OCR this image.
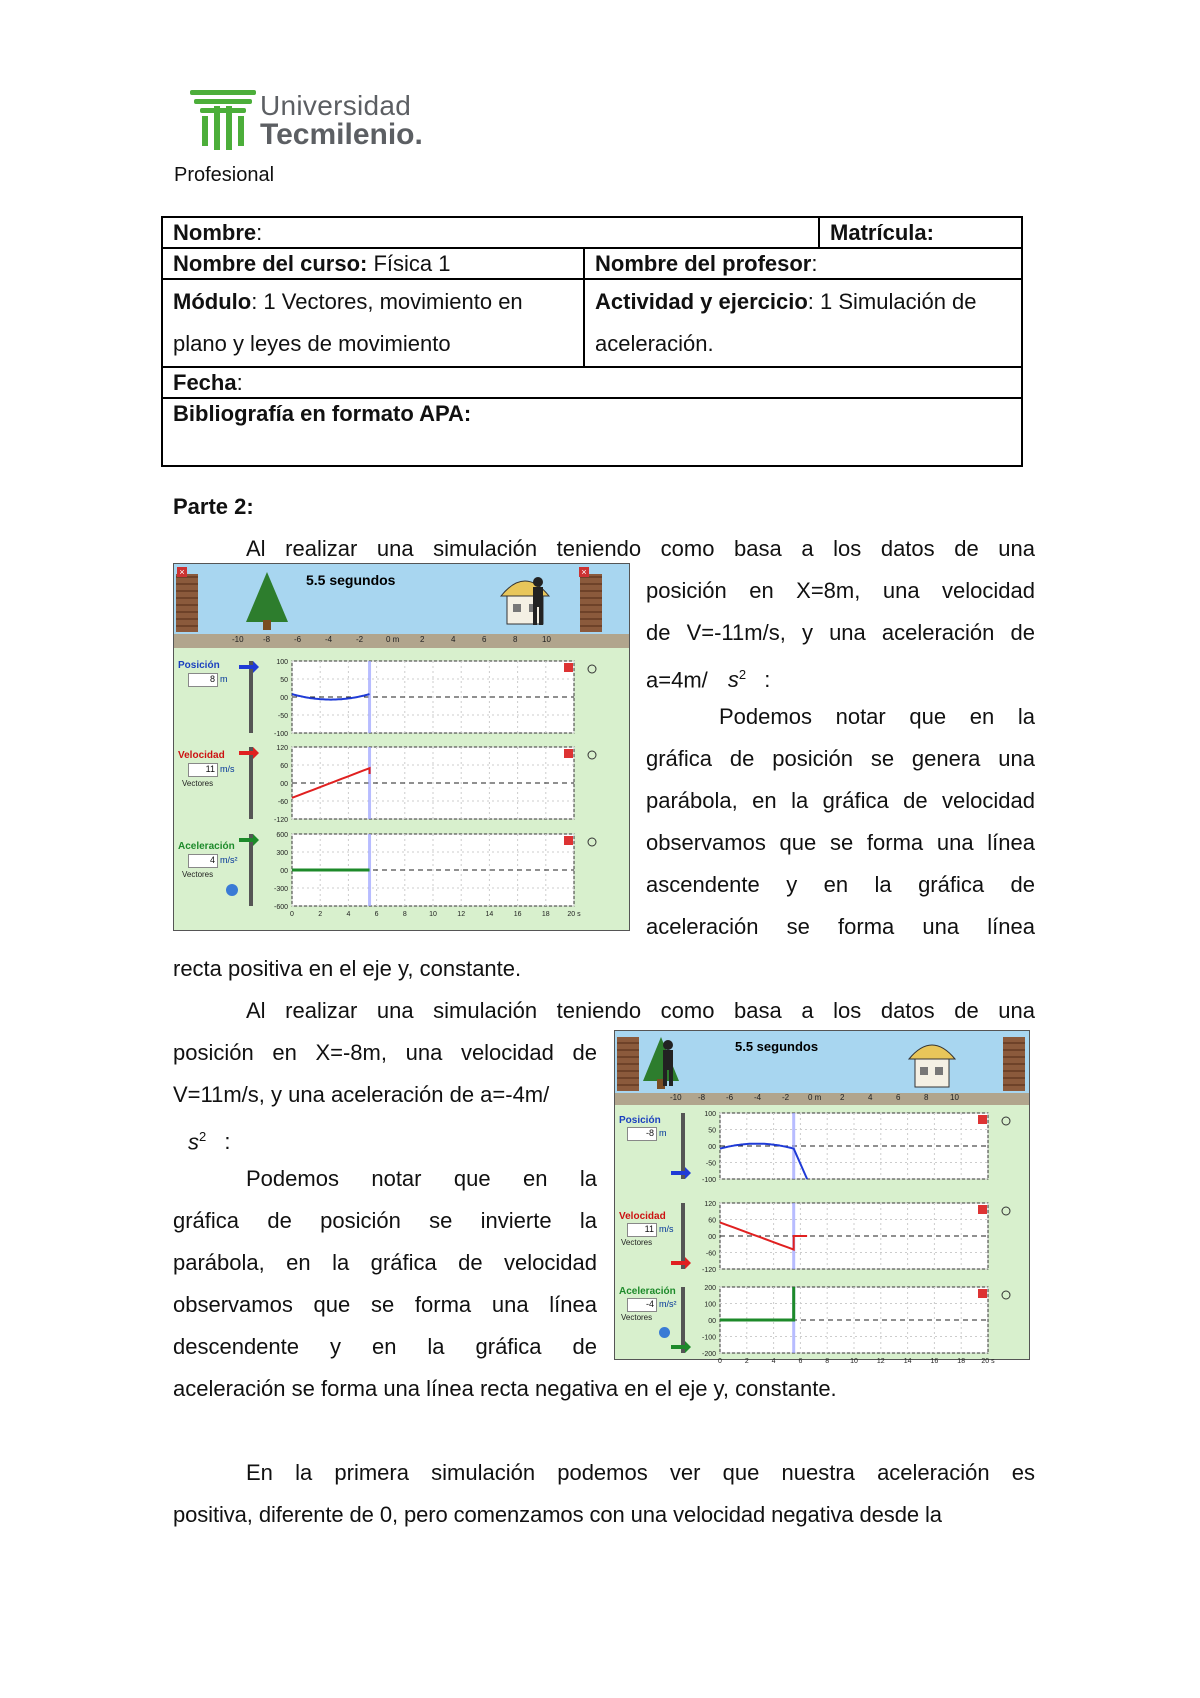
Universidad
Tecmilenio.
Profesional
Nombre:		Matrícula:
Nombre del curso: Física 1	Nombre del profesor:	
Módulo: 1 Vectores, movimiento en plano y leyes de movimiento	Actividad y ejercicio: 1 Simulación de aceleración.	
Fecha:		
Bibliografía en formato APA:		
Parte 2:
Al realizar una simulación teniendo como basa a los datos de una
posición en X=8m, una velocidad
de V=-11m/s, y una aceleración de
a=4m/ $s^2$ :
Podemos notar que en la
gráfica de posición se genera una
parábola, en la gráfica de velocidad
observamos que se forma una línea
ascendente y en la gráfica de
aceleración se forma una línea
recta positiva en el eje y, constante.
Al realizar una simulación teniendo como basa a los datos de una
posición en X=-8m, una velocidad de
V=11m/s, y una aceleración de a=-4m/
$s^2$ :
Podemos notar que en la
gráfica de posición se invierte la
parábola, en la gráfica de velocidad
observamos que se forma una línea
descendente y en la gráfica de
aceleración se forma una línea recta negativa en el eje y, constante.
En la primera simulación podemos ver que nuestra aceleración es
positiva, diferente de 0, pero comenzamos con una velocidad negativa desde la
×	×
5.5 segundos
-10 -8	-6	-4	-2	0 m	2	4	6	8	10
Posición
8 m
Velocidad
11 m/s
Vectores
Aceleración
4 m/s²
Vectores
100
50
00
-50
-100
120
60
00
-60
-120
600
300
00
-300
-600
0	2	4	6	8	10	12	14	16	18	20 s
5.5 segundos
-10 -8	-6	-4	-2 0 m 2	4	6	8	10
Posición
-8 m
Velocidad
11 m/s
Vectores
Aceleración
-4 m/s²
Vectores
100
50
00
-50
-100
120
60
00
-60
-120
200
100
00
-100
-200
0	2	4	6	8	10	12	14	16	18 20 s
